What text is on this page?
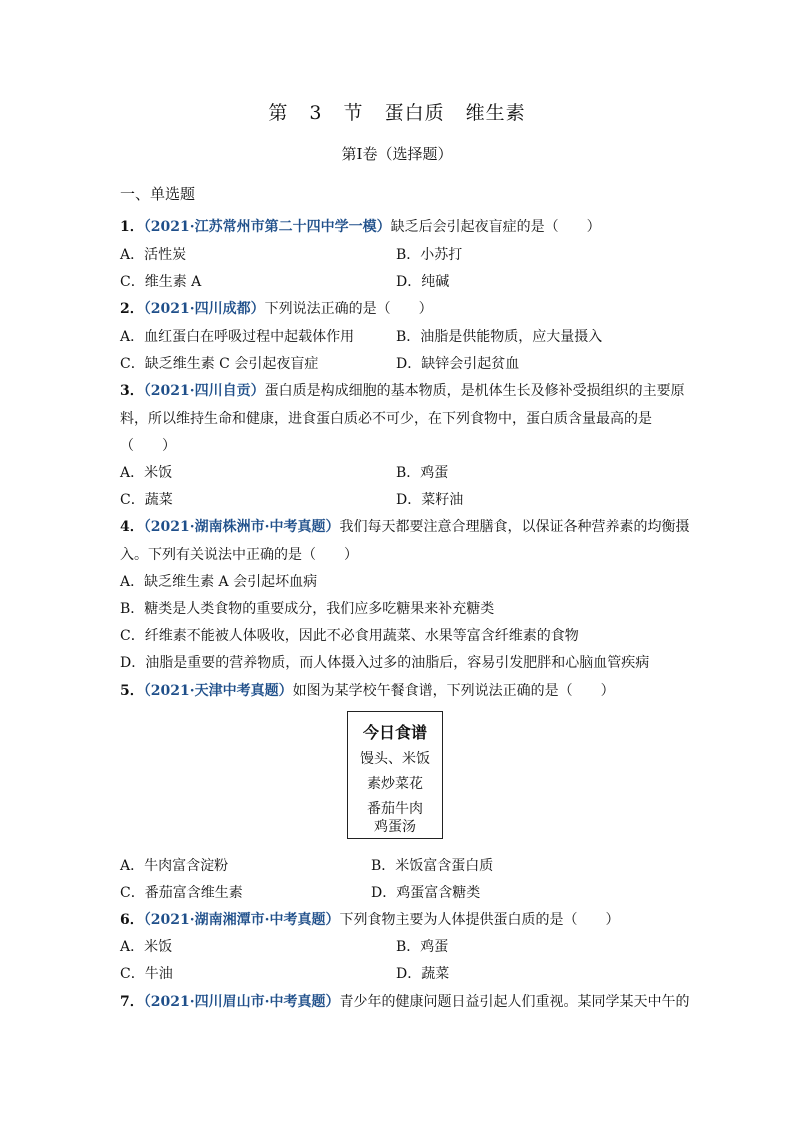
第 3 节 蛋白质 维生素
第Ⅰ卷（选择题）
一、单选题
1．（2021·江苏常州市第二十四中学一模）缺乏后会引起夜盲症的是（　　）
A．活性炭	B．小苏打
C．维生素 A	D．纯碱
2．（2021·四川成都）下列说法正确的是（　　）
A．血红蛋白在呼吸过程中起载体作用	B．油脂是供能物质，应大量摄入
C．缺乏维生素 C 会引起夜盲症	D．缺锌会引起贫血
3．（2021·四川自贡）蛋白质是构成细胞的基本物质，是机体生长及修补受损组织的主要原
料，所以维持生命和健康，进食蛋白质必不可少，在下列食物中，蛋白质含量最高的是
（　　）
A．米饭	B．鸡蛋
C．蔬菜	D．菜籽油
4．（2021·湖南株洲市·中考真题）我们每天都要注意合理膳食，以保证各种营养素的均衡摄
入。下列有关说法中正确的是（　　）
A．缺乏维生素 A 会引起坏血病
B．糖类是人类食物的重要成分，我们应多吃糖果来补充糖类
C．纤维素不能被人体吸收，因此不必食用蔬菜、水果等富含纤维素的食物
D．油脂是重要的营养物质，而人体摄入过多的油脂后，容易引发肥胖和心脑血管疾病
5．（2021·天津中考真题）如图为某学校午餐食谱，下列说法正确的是（　　）
今日食谱
馒头、米饭
素炒菜花
番茄牛肉
鸡蛋汤
A．牛肉富含淀粉	B．米饭富含蛋白质
C．番茄富含维生素	D．鸡蛋富含糖类
6．（2021·湖南湘潭市·中考真题）下列食物主要为人体提供蛋白质的是（　　）
A．米饭	B．鸡蛋
C．牛油	D．蔬菜
7．（2021·四川眉山市·中考真题）青少年的健康问题日益引起人们重视。某同学某天中午的
